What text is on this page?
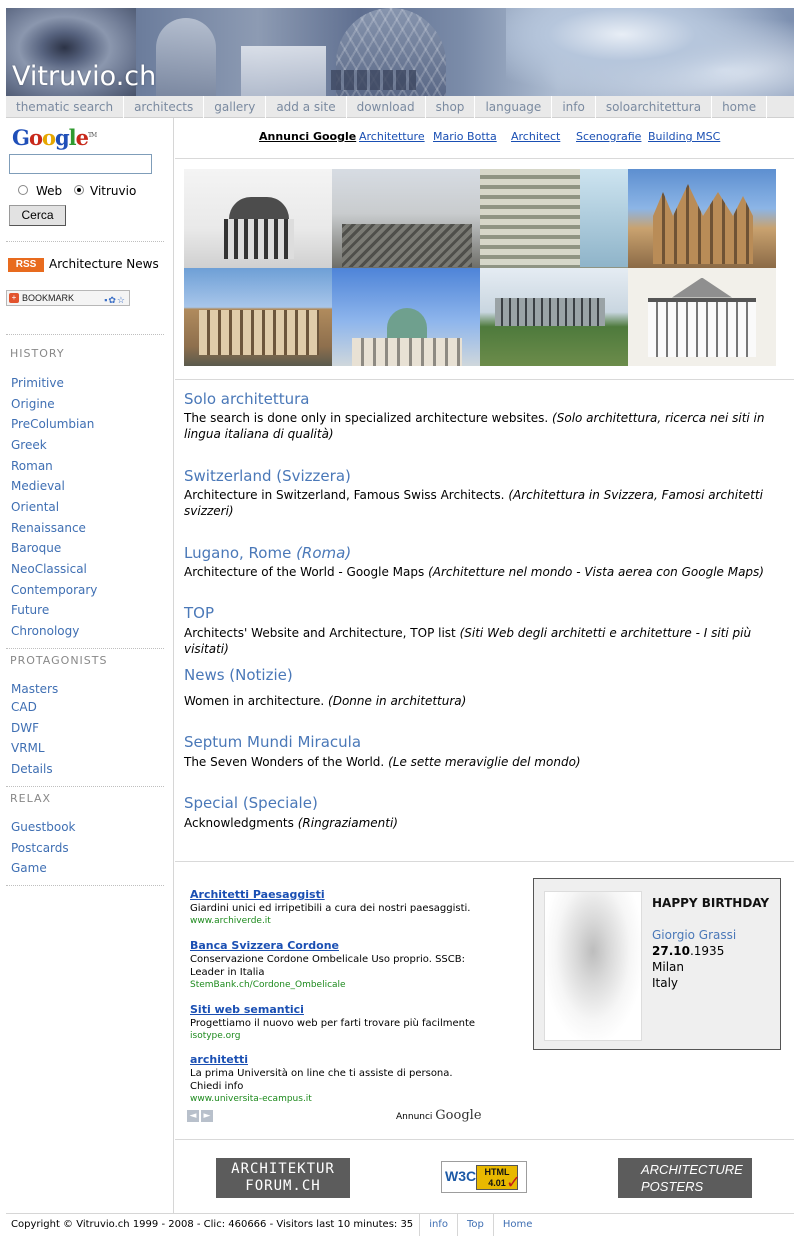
Vitruvio.ch
thematic search	architects	gallery	add a site	download	shop	language	info	soloarchitettura	home
Google™
Web Vitruvio
Cerca
RSS	Architecture News
+ BOOKMARK	▪✿☆
HISTORY
Primitive
Origine
PreColumbian
Greek
Roman
Medieval
Oriental
Renaissance
Baroque
NeoClassical
Contemporary
Future
Chronology
PROTAGONISTS
Masters
CAD
DWF
VRML
Details
RELAX
Guestbook
Postcards
Game
Annunci Google Architetture Mario Botta Architect Scenografie Building MSC
Solo architettura
The search is done only in specialized architecture websites. (Solo architettura, ricerca nei siti in lingua italiana di qualità)
Switzerland (Svizzera)
Architecture in Switzerland, Famous Swiss Architects. (Architettura in Svizzera, Famosi architetti svizzeri)
Lugano, Rome (Roma)
Architecture of the World - Google Maps (Architetture nel mondo - Vista aerea con Google Maps)
TOP
Architects' Website and Architecture, TOP list (Siti Web degli architetti e architetture - I siti più visitati)
News (Notizie)
Women in architecture. (Donne in architettura)
Septum Mundi Miracula
The Seven Wonders of the World. (Le sette meraviglie del mondo)
Special (Speciale)
Acknowledgments (Ringraziamenti)
Architetti Paesaggisti
Giardini unici ed irripetibili a cura dei nostri paesaggisti.
www.archiverde.it
Banca Svizzera Cordone
Conservazione Cordone Ombelicale Uso proprio. SSCB: Leader in Italia
StemBank.ch/Cordone_Ombelicale
Siti web semantici
Progettiamo il nuovo web per farti trovare più facilmente
isotype.org
architetti
La prima Università on line che ti assiste di persona. Chiedi info
www.universita-ecampus.it
◄ ►	Annunci Google
HAPPY BIRTHDAY
Giorgio Grassi
27.10.1935
Milan
Italy
ARCHITEKTUR
FORUM.CH
W3C HTML
4.01 ✓
ARCHITECTURE
POSTERS
Copyright © Vitruvio.ch 1999 - 2008 - Clic: 460666 - Visitors last 10 minutes: 35	info	Top	Home
